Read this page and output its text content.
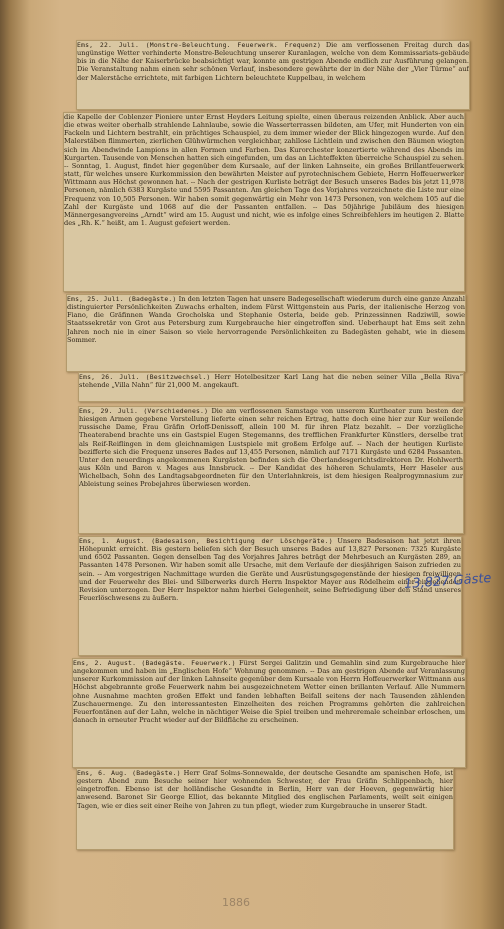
Ems, 22. Juli. (Monstre-Beleuchtung. Feuerwerk. Frequenz) Die am verflossenen Freitag durch das ungünstige Wetter verhinderte Monstre-Beleuchtung unserer Kuranlagen, welche von dem Kommissariats-gebäude bis in die Nähe der Kaiserbrücke beabsichtigt war, konnte am gestrigen Abende endlich zur Ausführung gelangen. Die Veranstaltung nahm einen sehr schönen Verlauf, insbesondere gewährte der in der Nähe der „Vier Türme“ auf der Malerstäche errichtete, mit farbigen Lichtern beleuchtete Kuppelbau, in welchem

die Kapelle der Coblenzer Pioniere unter Ernst Heyders Leitung spielte, einen überaus reizenden Anblick. Aber auch die etwas weiter oberhalb strahlende Lahnlaube, sowie die Wasserterrassen bildeten, am Ufer, mit Hunderten von ein Fackeln und Lichtern bestrahlt, ein prächtiges Schauspiel, zu dem immer wieder der Blick hingezogen wurde. Auf den Malerstäben flimmerten, zierlichen Glühwürmchen vergleichbar, zahllose Lichtlein und zwischen den Bäumen wiegten sich im Abendwinde Lampions in allen Formen und Farben. Das Kurorchester konzertierte während des Abends im Kurgarten. Tausende von Menschen hatten sich eingefunden, um das an Lichteffekten überreiche Schauspiel zu sehen. -- Sonntag, 1. August, findet hier gegenüber dem Kursaale, auf der linken Lahnseite, ein großes Brillantfeuerwerk statt, für welches unsere Kurkommission den bewährten Meister auf pyrotechnischem Gebiete, Herrn Hoffeuerwerker Wittmann aus Höchst gewonnen hat. -- Nach der gestrigen Kurliste beträgt der Besuch unseres Bades bis jetzt 11,978 Personen, nämlich 6383 Kurgäste und 5595 Passanten. Am gleichen Tage des Vorjahres verzeichnete die Liste nur eine Frequenz von 10,505 Personen. Wir haben somit gegenwärtig ein Mehr von 1473 Personen, von welchem 105 auf die Zahl der Kurgäste und 1068 auf die der Passanten entfallen. -- Das 50jährige Jubiläum des hiesigen Männergesangvereins „Arndt“ wird am 15. August und nicht, wie es infolge eines Schreibfehlers im heutigen 2. Blatte des „Rh. K.“ heißt, am 1. August gefeiert werden.

Ems, 25. Juli. (Badegäste.) In den letzten Tagen hat unsere Badegesellschaft wiederum durch eine ganze Anzahl distinguierter Persönlichkeiten Zuwachs erhalten, indem Fürst Wittgenstein aus Paris, der italienische Herzog von Fiano, die Gräfinnen Wanda Grocholska und Stephanie Osterla, beide geb. Prinzessinnen Radziwill, sowie Staatssekretär von Grot aus Petersburg zum Kurgebrauche hier eingetroffen sind. Ueberhaupt hat Ems seit zehn Jahren noch nie in einer Saison so viele hervorragende Persönlichkeiten zu Badegästen gehabt, wie in diesem Sommer.

Ems, 26. Juli. (Besitzwechsel.) Herr Hotelbesitzer Karl Lang hat die neben seiner Villa „Bella Riva“ stehende „Villa Nahn“ für 21,000 M. angekauft.

Ems, 29. Juli. (Verschiedenes.) Die am verflossenen Samstage von unserem Kurtheater zum besten der hiesigen Armen gegebene Vorstellung lieferte einen sehr reichen Ertrag, hatte doch eine hier zur Kur weilende russische Dame, Frau Gräfin Orloff-Denissoff, allein 100 M. für ihren Platz bezahlt. -- Der vorzügliche Theaterabend brachte uns ein Gastspiel Eugen Stegemanns, des trefflichen Frankfurter Künstlers, derselbe trat als Reif-Reiflingen in dem gleichnamigen Lustspiele mit großem Erfolge auf. -- Nach der heutigen Kurliste bezifferte sich die Frequenz unseres Bades auf 13,455 Personen, nämlich auf 7171 Kurgäste und 6284 Passanten. Unter den neuerdings angekommenen Kurgästen befinden sich die Oberlandesgerichtsdirektoren Dr. Hohlwerth aus Köln und Baron v. Mages aus Innsbruck. -- Der Kandidat des höheren Schulamts, Herr Haseler aus Wichelbach, Sohn des Landtagsabgeordneten für den Unterlahnkreis, ist dem hiesigen Realprogymnasium zur Ableistung seines Probejahres überwiesen worden.

Ems, 1. August. (Badesaison, Besichtigung der Löschgeräte.) Unsere Badesaison hat jetzt ihren Höhepunkt erreicht. Bis gestern beliefen sich der Besuch unseres Bades auf 13,827 Personen: 7325 Kurgäste und 6502 Passanten. Gegen denselben Tag des Vorjahres Jahres beträgt der Mehrbesuch an Kurgästen 289, an Passanten 1478 Personen. Wir haben somit alle Ursache, mit dem Verlaufe der diesjährigen Saison zufrieden zu sein. -- Am vorgestrigen Nachmittage wurden die Geräte und Ausrüstungsgegenstände der hiesigen freiwilligen und der Feuerwehr des Blei- und Silberwerks durch Herrn Inspektor Mayer aus Rödelheim einer eingehenden Revision unterzogen. Der Herr Inspektor nahm hierbei Gelegenheit, seine Befriedigung über den Stand unseres Feuerlöschwesens zu äußern.

Ems, 2. August. (Badegäste. Feuerwerk.) Fürst Sergei Galitzin und Gemahlin sind zum Kurgebrauche hier angekommen und haben im „Englischen Hofe“ Wohnung genommen. -- Das am gestrigen Abende auf Veranlassung unserer Kurkommission auf der linken Lahnseite gegenüber dem Kursaale von Herrn Hoffeuerwerker Wittmann aus Höchst abgebrannte große Feuerwerk nahm bei ausgezeichnetem Wetter einen brillanten Verlauf. Alle Nummern ohne Ausnahme machten großen Effekt und fanden lebhaften Beifall seitens der nach Tausenden zählenden Zuschauermenge. Zu den interessantesten Einzelheiten des reichen Programms gehörten die zahlreichen Feuerfontänen auf der Lahn, welche in nächtiger Weise die Spiel treiben und mehreremale scheinbar erloschen, um danach in erneuter Pracht wieder auf der Bildfläche zu erscheinen.

Ems, 6. Aug. (Badegäste.) Herr Graf Solms-Sonnewalde, der deutsche Gesandte am spanischen Hofe, ist gestern Abend zum Besuche seiner hier wohnenden Schwester, der Frau Gräfin Schlippenbach, hier eingetroffen. Ebenso ist der holländische Gesandte in Berlin, Herr van der Hoeven, gegenwärtig hier anwesend. Baronet Sir George Elliot, das bekannte Mitglied des englischen Parlaments, weilt seit einigen Tagen, wie er dies seit einer Reihe von Jahren zu tun pflegt, wieder zum Kurgebrauche in unserer Stadt.

13,827 Gäste
1886
